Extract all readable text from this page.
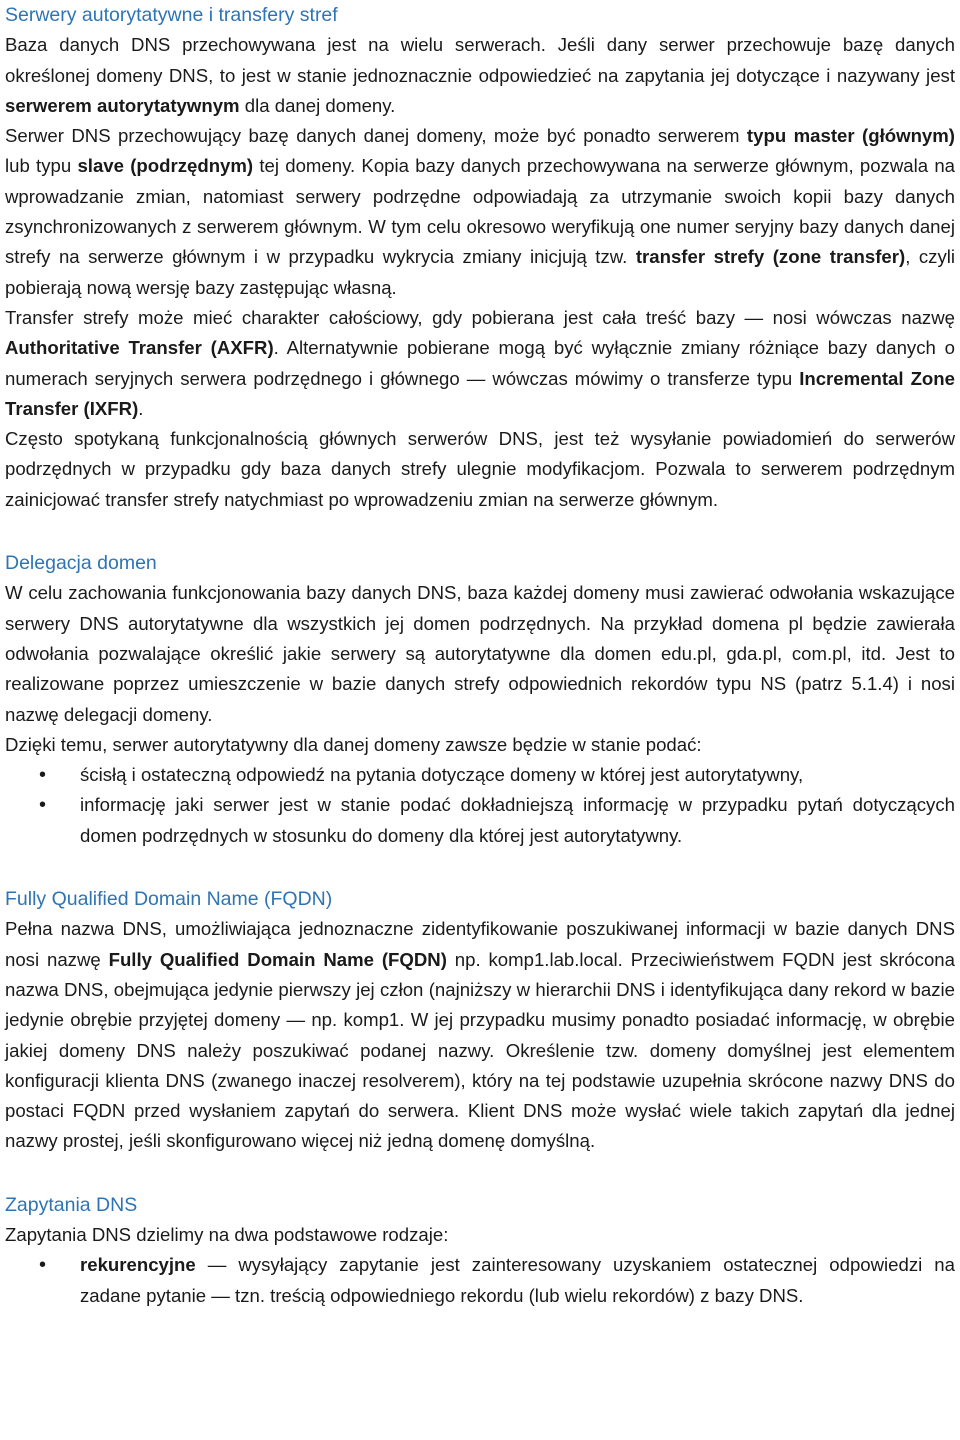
Serwery autorytatywne i transfery stref

Baza danych DNS przechowywana jest na wielu serwerach. Jeśli dany serwer przechowuje bazę danych określonej domeny DNS, to jest w stanie jednoznacznie odpowiedzieć na zapytania jej dotyczące i nazywany jest serwerem autorytatywnym dla danej domeny.

Serwer DNS przechowujący bazę danych danej domeny, może być ponadto serwerem typu master (głównym) lub typu slave (podrzędnym) tej domeny. Kopia bazy danych przechowywana na serwerze głównym, pozwala na wprowadzanie zmian, natomiast serwery podrzędne odpowiadają za utrzymanie swoich kopii bazy danych zsynchronizowanych z serwerem głównym. W tym celu okresowo weryfikują one numer seryjny bazy danych danej strefy na serwerze głównym i w przypadku wykrycia zmiany inicjują tzw. transfer strefy (zone transfer), czyli pobierają nową wersję bazy zastępując własną.

Transfer strefy może mieć charakter całościowy, gdy pobierana jest cała treść bazy — nosi wówczas nazwę Authoritative Transfer (AXFR). Alternatywnie pobierane mogą być wyłącznie zmiany różniące bazy danych o numerach seryjnych serwera podrzędnego i głównego — wówczas mówimy o transferze typu Incremental Zone Transfer (IXFR).

Często spotykaną funkcjonalnością głównych serwerów DNS, jest też wysyłanie powiadomień do serwerów podrzędnych w przypadku gdy baza danych strefy ulegnie modyfikacjom. Pozwala to serwerem podrzędnym zainicjować transfer strefy natychmiast po wprowadzeniu zmian na serwerze głównym.

Delegacja domen

W celu zachowania funkcjonowania bazy danych DNS, baza każdej domeny musi zawierać odwołania wskazujące serwery DNS autorytatywne dla wszystkich jej domen podrzędnych. Na przykład domena pl będzie zawierała odwołania pozwalające określić jakie serwery są autorytatywne dla domen edu.pl, gda.pl, com.pl, itd. Jest to realizowane poprzez umieszczenie w bazie danych strefy odpowiednich rekordów typu NS (patrz 5.1.4) i nosi nazwę delegacji domeny.

Dzięki temu, serwer autorytatywny dla danej domeny zawsze będzie w stanie podać:

• ścisłą i ostateczną odpowiedź na pytania dotyczące domeny w której jest autorytatywny,
• informację jaki serwer jest w stanie podać dokładniejszą informację w przypadku pytań dotyczących domen podrzędnych w stosunku do domeny dla której jest autorytatywny.
Fully Qualified Domain Name (FQDN)

Pełna nazwa DNS, umożliwiająca jednoznaczne zidentyfikowanie poszukiwanej informacji w bazie danych DNS nosi nazwę Fully Qualified Domain Name (FQDN) np. komp1.lab.local. Przeciwieństwem FQDN jest skrócona nazwa DNS, obejmująca jedynie pierwszy jej człon (najniższy w hierarchii DNS i identyfikująca dany rekord w bazie jedynie obrębie przyjętej domeny — np. komp1. W jej przypadku musimy ponadto posiadać informację, w obrębie jakiej domeny DNS należy poszukiwać podanej nazwy. Określenie tzw. domeny domyślnej jest elementem konfiguracji klienta DNS (zwanego inaczej resolverem), który na tej podstawie uzupełnia skrócone nazwy DNS do postaci FQDN przed wysłaniem zapytań do serwera. Klient DNS może wysłać wiele takich zapytań dla jednej nazwy prostej, jeśli skonfigurowano więcej niż jedną domenę domyślną.

Zapytania DNS

Zapytania DNS dzielimy na dwa podstawowe rodzaje:

• rekurencyjne — wysyłający zapytanie jest zainteresowany uzyskaniem ostatecznej odpowiedzi na zadane pytanie — tzn. treścią odpowiedniego rekordu (lub wielu rekordów) z bazy DNS.
